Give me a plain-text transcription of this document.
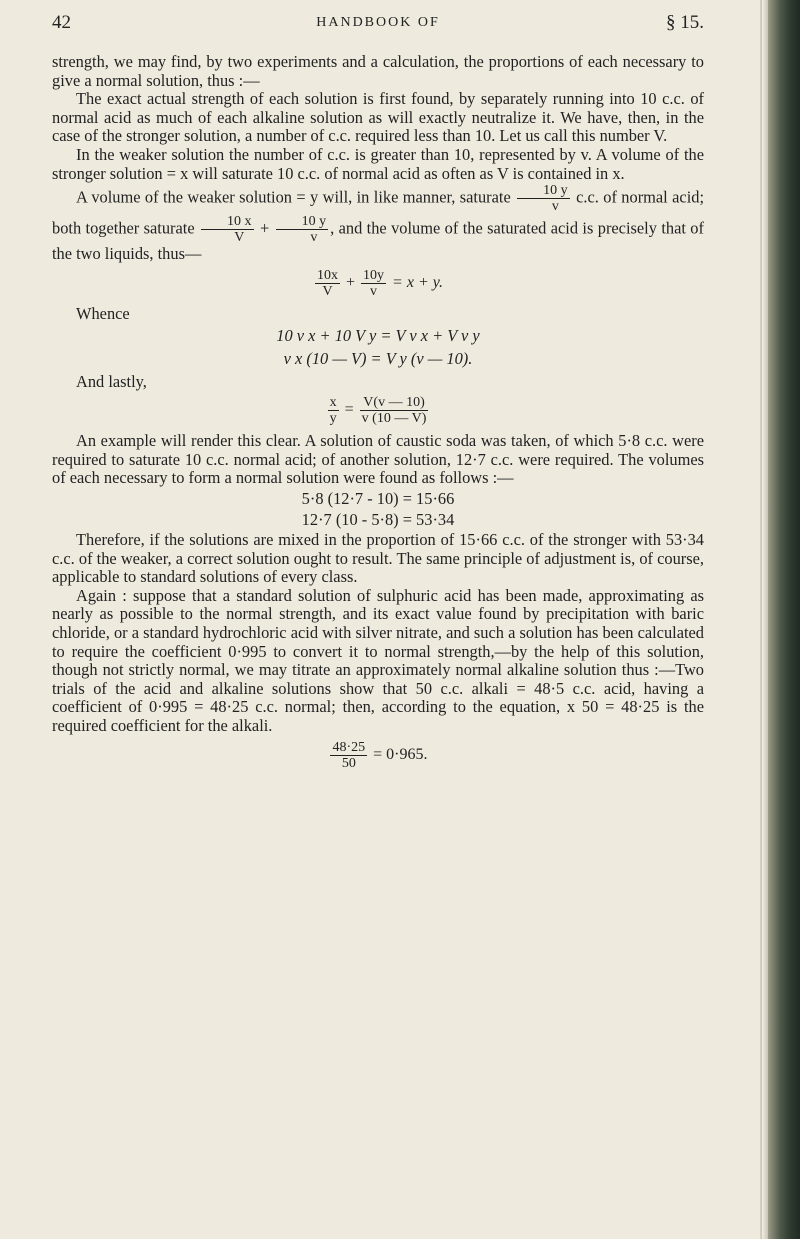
42	HANDBOOK OF	§ 15.

strength, we may find, by two experiments and a calculation, the proportions of each necessary to give a normal solution, thus :—

The exact actual strength of each solution is first found, by separately running into 10 c.c. of normal acid as much of each alkaline solution as will exactly neutralize it. We have, then, in the case of the stronger solution, a number of c.c. required less than 10. Let us call this number V.

In the weaker solution the number of c.c. is greater than 10, represented by v. A volume of the stronger solution = x will saturate 10 c.c. of normal acid as often as V is contained in x.

A volume of the weaker solution = y will, in like manner, saturate $\frac{10 y}{v} c.c$. of normal acid; both together saturate $\frac{10 x}{V} + \frac{10 y}{v}$ , and the volume of the saturated acid is precisely that of the two liquids, thus—

$\frac{10x}{V} + \frac{10y}{v} = x + y$.

Whence

10 v x + 10 V y = V v x + V v y
v x (10 — V) = V y (v — 10).

And lastly,

$\frac{x}{y} = \frac{V(v — 10)}{v (10 — V)}$

An example will render this clear. A solution of caustic soda was taken, of which 5·8 c.c. were required to saturate 10 c.c. normal acid; of another solution, 12·7 c.c. were required. The volumes of each necessary to form a normal solution were found as follows :—

5·8 (12·7 - 10) = 15·66
12·7 (10 - 5·8) = 53·34

Therefore, if the solutions are mixed in the proportion of 15·66 c.c. of the stronger with 53·34 c.c. of the weaker, a correct solution ought to result. The same principle of adjustment is, of course, applicable to standard solutions of every class.

Again : suppose that a standard solution of sulphuric acid has been made, approximating as nearly as possible to the normal strength, and its exact value found by precipitation with baric chloride, or a standard hydrochloric acid with silver nitrate, and such a solution has been calculated to require the coefficient 0·995 to convert it to normal strength,—by the help of this solution, though not strictly normal, we may titrate an approximately normal alkaline solution thus :—Two trials of the acid and alkaline solutions show that 50 c.c. alkali = 48·5 c.c. acid, having a coefficient of 0·995 = 48·25 c.c. normal; then, according to the equation, x 50 = 48·25 is the required coefficient for the alkali.

$\frac{48\cdot 25}{50} = 0\cdot 965$.
